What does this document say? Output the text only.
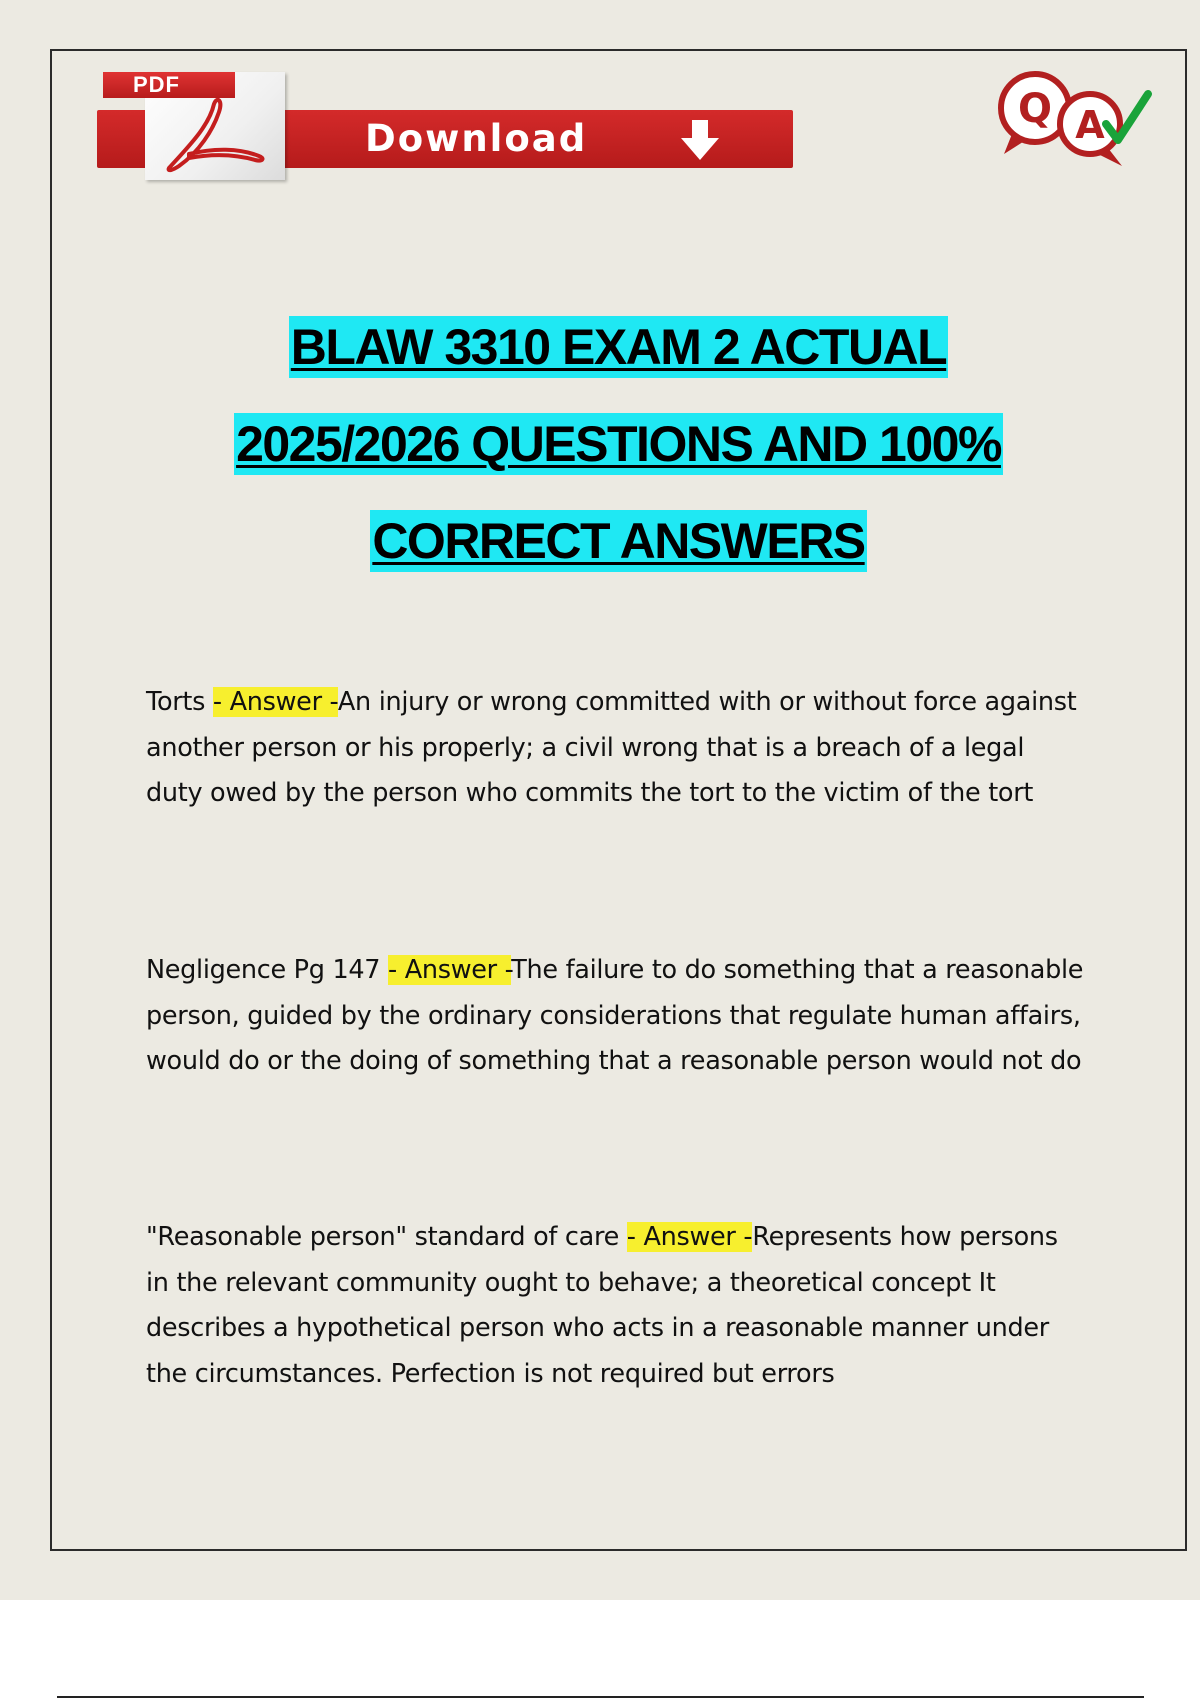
PDF
Download
Q A
BLAW 3310 EXAM 2 ACTUAL
2025/2026 QUESTIONS AND 100%
CORRECT ANSWERS
Torts - Answer -An injury or wrong committed with or without force against another person or his properly; a civil wrong that is a breach of a legal duty owed by the person who commits the tort to the victim of the tort
Negligence Pg 147 - Answer -The failure to do something that a reasonable person, guided by the ordinary considerations that regulate human affairs, would do or the doing of something that a reasonable person would not do
"Reasonable person" standard of care - Answer -Represents how persons in the relevant community ought to behave; a theoretical concept It describes a hypothetical person who acts in a reasonable manner under the circumstances. Perfection is not required but errors
